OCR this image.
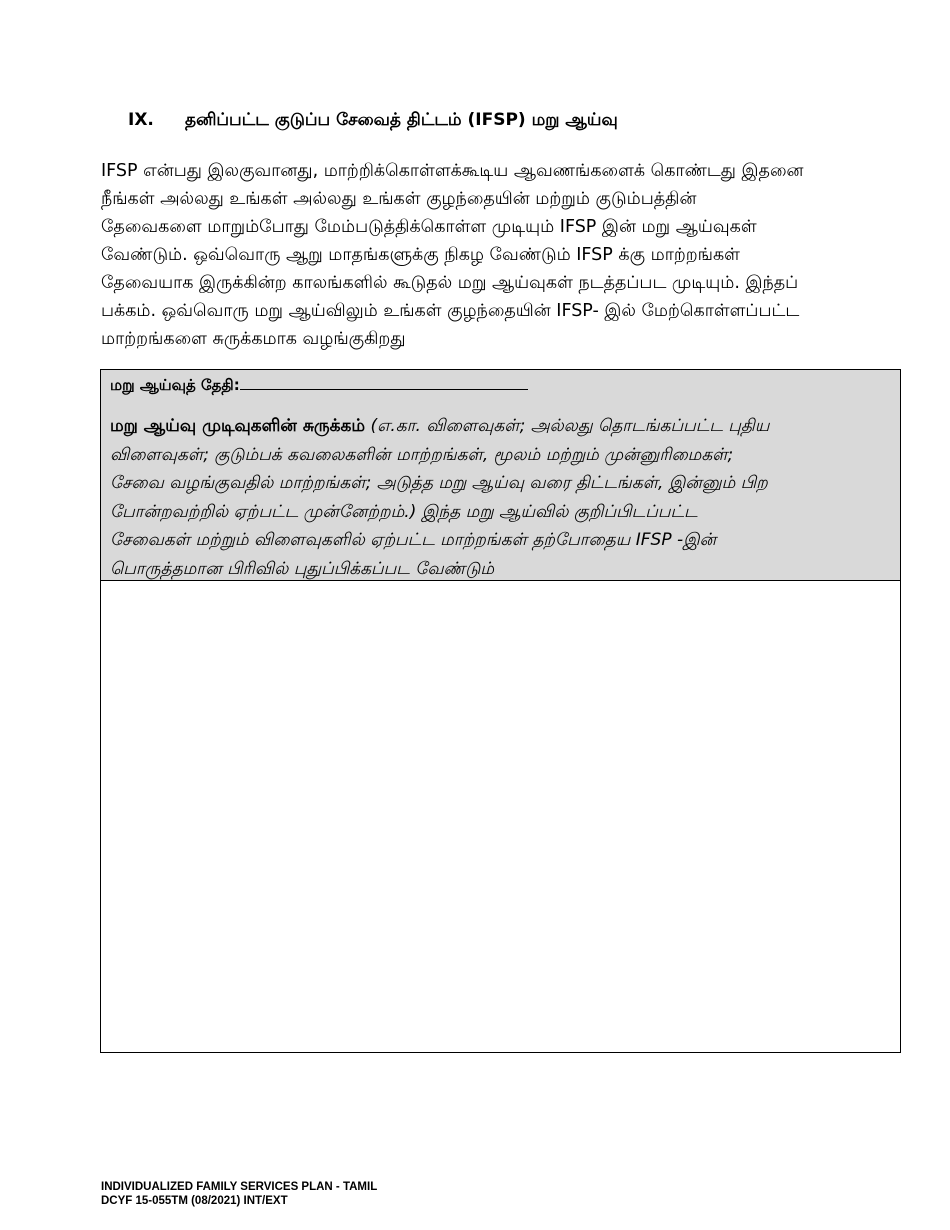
IX.	தனிப்பட்ட குடுப்ப சேவைத் திட்டம் (IFSP) மறு ஆய்வு
IFSP என்பது இலகுவானது, மாற்றிக்கொள்ளக்கூடிய ஆவணங்களைக் கொண்டது இதனை
நீங்கள் அல்லது உங்கள் அல்லது உங்கள் குழந்தையின் மற்றும் குடும்பத்தின்
தேவைகளை மாறும்போது மேம்படுத்திக்கொள்ள முடியும் IFSP இன் மறு ஆய்வுகள்
வேண்டும். ஒவ்வொரு ஆறு மாதங்களுக்கு நிகழ வேண்டும் IFSP க்கு மாற்றங்கள்
தேவையாக இருக்கின்ற காலங்களில் கூடுதல் மறு ஆய்வுகள் நடத்தப்பட முடியும். இந்தப்
பக்கம். ஒவ்வொரு மறு ஆய்விலும் உங்கள் குழந்தையின் IFSP- இல் மேற்கொள்ளப்பட்ட
மாற்றங்களை சுருக்கமாக வழங்குகிறது
மறு ஆய்வுத் தேதி:
மறு ஆய்வு முடிவுகளின் சுருக்கம் (எ.கா. விளைவுகள்; அல்லது தொடங்கப்பட்ட புதிய
விளைவுகள்; குடும்பக் கவலைகளின் மாற்றங்கள், மூலம் மற்றும் முன்னுரிமைகள்;
சேவை வழங்குவதில் மாற்றங்கள்; அடுத்த மறு ஆய்வு வரை திட்டங்கள், இன்னும் பிற
போன்றவற்றில் ஏற்பட்ட முன்னேற்றம்.) இந்த மறு ஆய்வில் குறிப்பிடப்பட்ட
சேவைகள் மற்றும் விளைவுகளில் ஏற்பட்ட மாற்றங்கள் தற்போதைய IFSP -இன்
பொருத்தமான பிரிவில் புதுப்பிக்கப்பட வேண்டும்
INDIVIDUALIZED FAMILY SERVICES PLAN - TAMIL
DCYF 15-055TM (08/2021) INT/EXT
